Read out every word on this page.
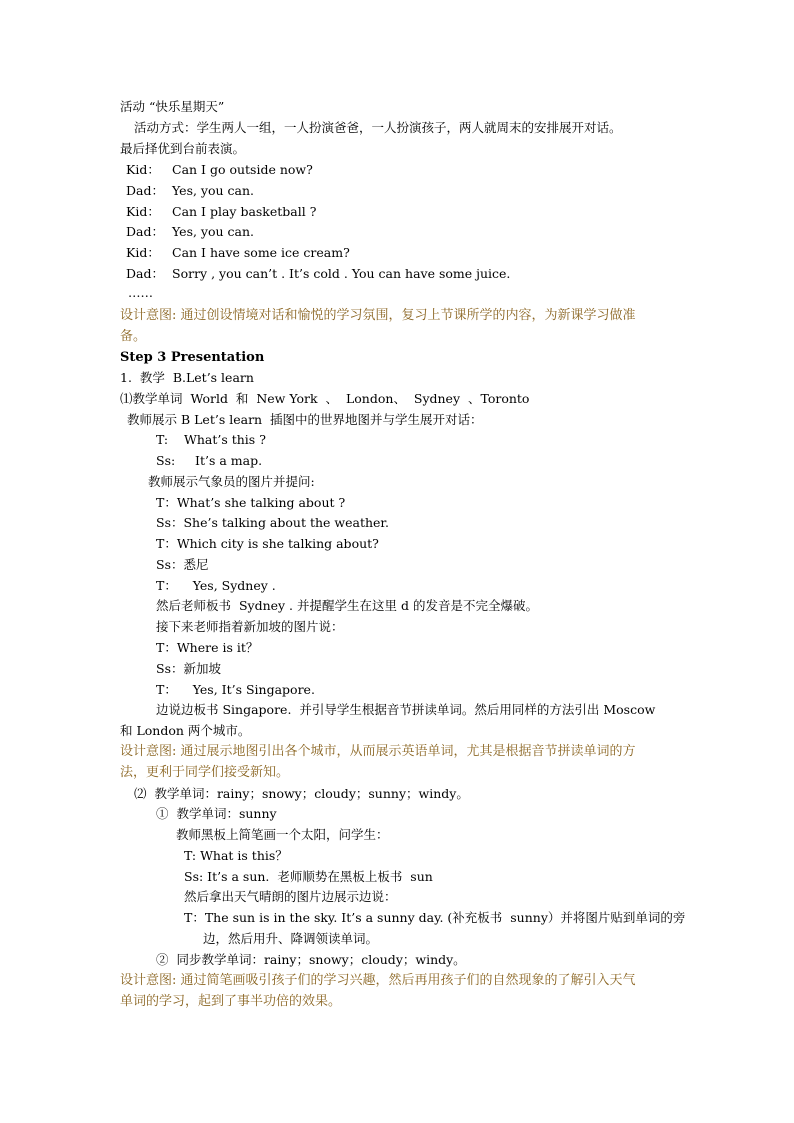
活动 “快乐星期天”
活动方式：学生两人一组，一人扮演爸爸，一人扮演孩子，两人就周末的安排展开对话。
最后择优到台前表演。
Kid： Can I go outside now?
Dad： Yes, you can.
Kid： Can I play basketball ?
Dad： Yes, you can.
Kid： Can I have some ice cream?
Dad： Sorry , you can’t . It’s cold . You can have some juice.
……
设计意图: 通过创设情境对话和愉悦的学习氛围，复习上节课所学的内容，为新课学习做准
备。
Step 3 Presentation
1.  教学  B.Let’s learn
⑴教学单词  World  和  New York  、  London、  Sydney  、Toronto
教师展示 B Let’s learn  插图中的世界地图并与学生展开对话：
T:    What’s this ?
Ss:     It’s a map.
教师展示气象员的图片并提问:
T：What’s she talking about ?
Ss：She’s talking about the weather.
T：Which city is she talking about?
Ss：悉尼
T：    Yes, Sydney .
然后老师板书  Sydney . 并提醒学生在这里 d 的发音是不完全爆破。
接下来老师指着新加坡的图片说：
T：Where is it？
Ss：新加坡
T：    Yes, It’s Singapore.
边说边板书 Singapore.  并引导学生根据音节拼读单词。然后用同样的方法引出 Moscow
和 London 两个城市。
设计意图: 通过展示地图引出各个城市，从而展示英语单词，尤其是根据音节拼读单词的方
法，更利于同学们接受新知。
⑵  教学单词：rainy；snowy；cloudy；sunny；windy。
①  教学单词：sunny
教师黑板上简笔画一个太阳，问学生：
T: What is this？
Ss: It’s a sun.  老师顺势在黑板上板书  sun
然后拿出天气晴朗的图片边展示边说：
T：The sun is in the sky. It’s a sunny day. (补充板书  sunny）并将图片贴到单词的旁
边，然后用升、降调领读单词。
②  同步教学单词：rainy；snowy；cloudy；windy。
设计意图: 通过简笔画吸引孩子们的学习兴趣，然后再用孩子们的自然现象的了解引入天气
单词的学习，起到了事半功倍的效果。
